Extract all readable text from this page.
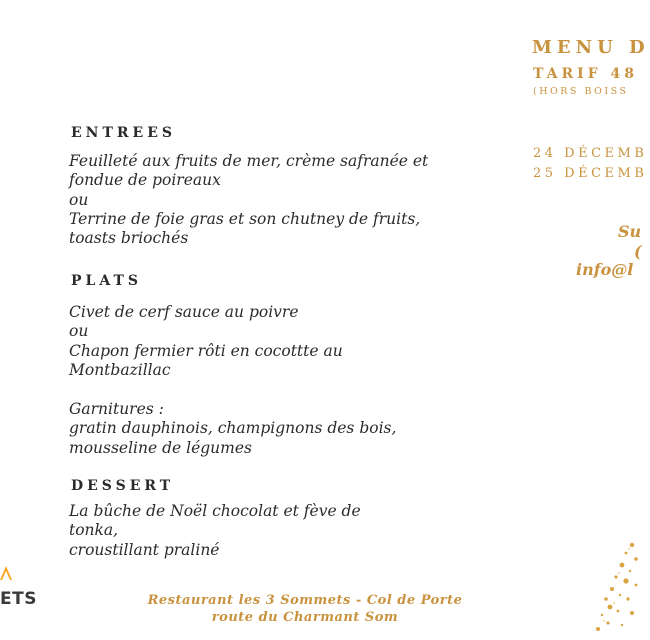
MENU D
TARIF 48
(HORS BOISS
24 DÉCEMB
25 DÉCEMB
Su
(
info@l
ENTREES
Feuilleté aux fruits de mer, crème safranée et
fondue de poireaux
ou
Terrine de foie gras et son chutney de fruits,
toasts briochés
PLATS
Civet de cerf sauce au poivre
ou
Chapon fermier rôti en cocottte au
Montbazillac
Garnitures :
gratin dauphinois, champignons des bois,
mousseline de légumes
DESSERT
La bûche de Noël chocolat et fève de
tonka,
croustillant praliné
Restaurant les 3 Sommets - Col de Porte
route du Charmant Som
ETS
